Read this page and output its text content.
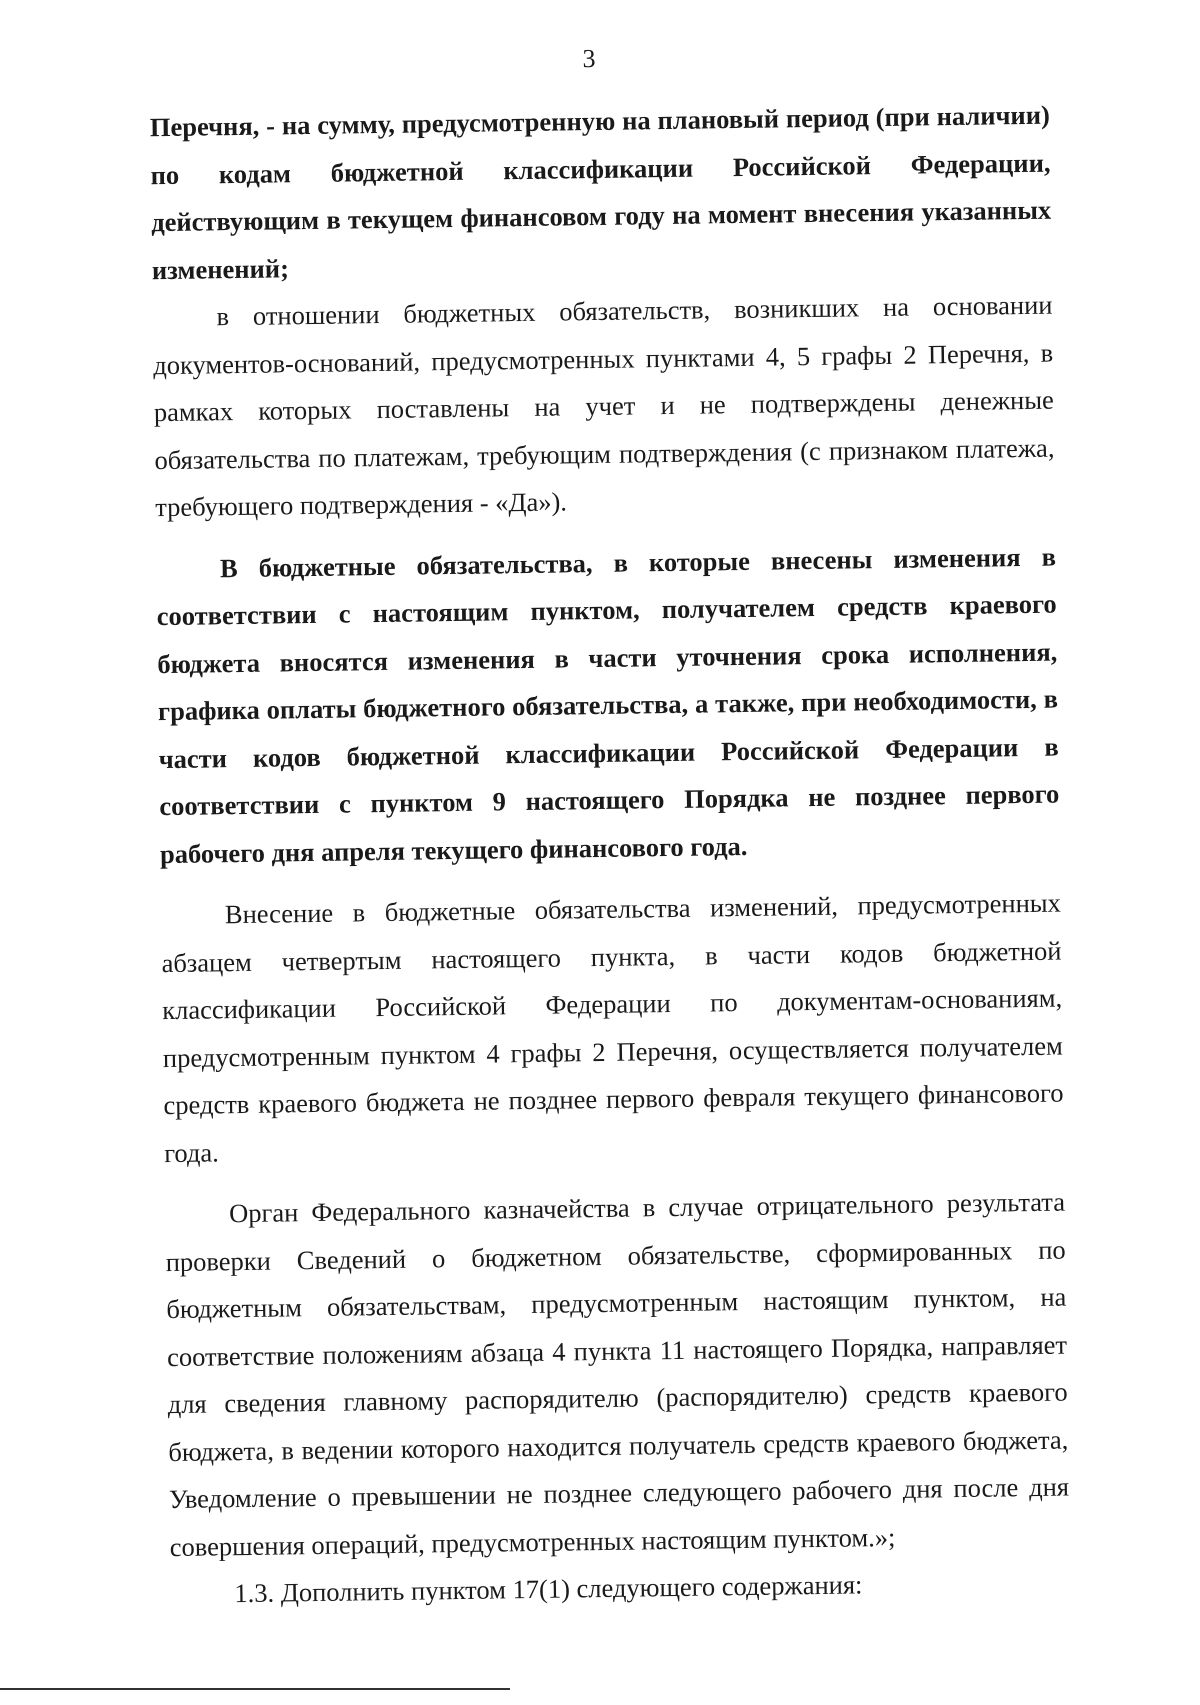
3

Перечня, - на сумму, предусмотренную на плановый период (при наличии) по кодам бюджетной классификации Российской Федерации, действующим в текущем финансовом году на момент внесения указанных изменений;

в отношении бюджетных обязательств, возникших на основании документов-оснований, предусмотренных пунктами 4, 5 графы 2 Перечня, в рамках которых поставлены на учет и не подтверждены денежные обязательства по платежам, требующим подтверждения (с признаком платежа, требующего подтверждения - «Да»).

В бюджетные обязательства, в которые внесены изменения в соответствии с настоящим пунктом, получателем средств краевого бюджета вносятся изменения в части уточнения срока исполнения, графика оплаты бюджетного обязательства, а также, при необходимости, в части кодов бюджетной классификации Российской Федерации в соответствии с пунктом 9 настоящего Порядка не позднее первого рабочего дня апреля текущего финансового года.

Внесение в бюджетные обязательства изменений, предусмотренных абзацем четвертым настоящего пункта, в части кодов бюджетной классификации Российской Федерации по документам-основаниям, предусмотренным пунктом 4 графы 2 Перечня, осуществляется получателем средств краевого бюджета не позднее первого февраля текущего финансового года.

Орган Федерального казначейства в случае отрицательного результата проверки Сведений о бюджетном обязательстве, сформированных по бюджетным обязательствам, предусмотренным настоящим пунктом, на соответствие положениям абзаца 4 пункта 11 настоящего Порядка, направляет для сведения главному распорядителю (распорядителю) средств краевого бюджета, в ведении которого находится получатель средств краевого бюджета, Уведомление о превышении не позднее следующего рабочего дня после дня совершения операций, предусмотренных настоящим пунктом.»;

1.3. Дополнить пунктом 17(1) следующего содержания:
